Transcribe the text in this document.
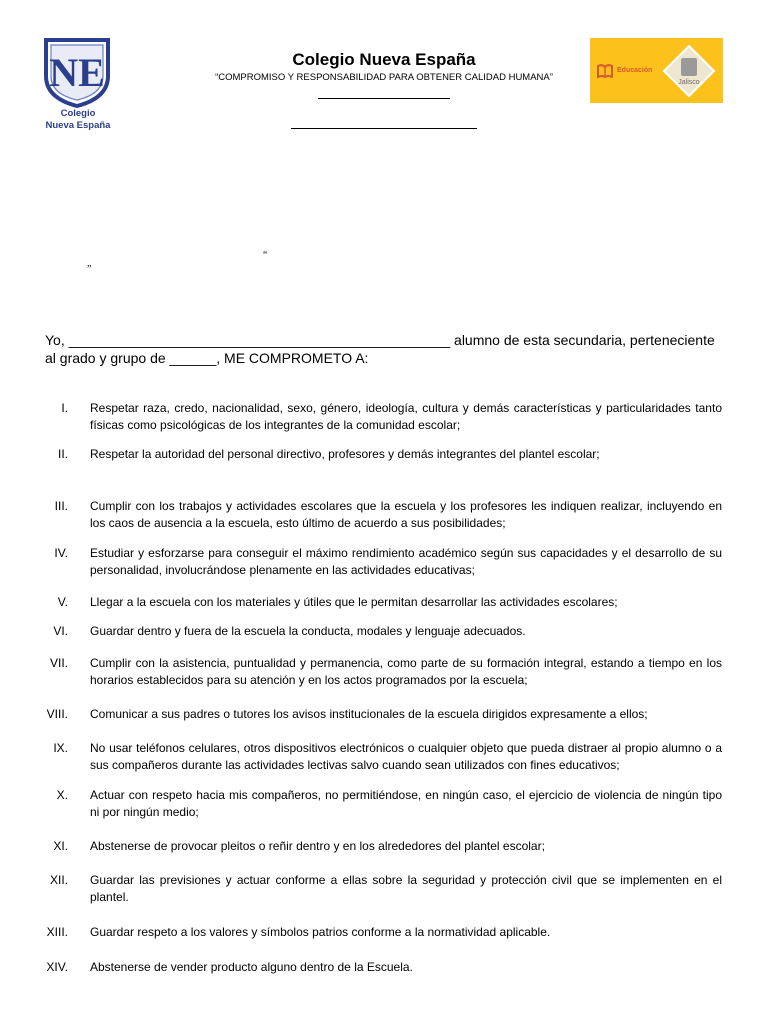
NE
Colegio
Nueva España
Colegio Nueva España
“COMPROMISO Y RESPONSABILIDAD PARA OBTENER CALIDAD HUMANA”
Educación
Jalisco
“
”
Yo, _________________________________________________ alumno de esta secundaria, perteneciente al grado y grupo de ______, ME COMPROMETO A:
I. Respetar raza, credo, nacionalidad, sexo, género, ideología, cultura y demás características y particularidades tanto físicas como psicológicas de los integrantes de la comunidad escolar;
II. Respetar la autoridad del personal directivo, profesores y demás integrantes del plantel escolar;
III. Cumplir con los trabajos y actividades escolares que la escuela y los profesores les indiquen realizar, incluyendo en los caos de ausencia a la escuela, esto último de acuerdo a sus posibilidades;
IV. Estudiar y esforzarse para conseguir el máximo rendimiento académico según sus capacidades y el desarrollo de su personalidad, involucrándose plenamente en las actividades educativas;
V. Llegar a la escuela con los materiales y útiles que le permitan desarrollar las actividades escolares;
VI. Guardar dentro y fuera de la escuela la conducta, modales y lenguaje adecuados.
VII. Cumplir con la asistencia, puntualidad y permanencia, como parte de su formación integral, estando a tiempo en los horarios establecidos para su atención y en los actos programados por la escuela;
VIII. Comunicar a sus padres o tutores los avisos institucionales de la escuela dirigidos expresamente a ellos;
IX. No usar teléfonos celulares, otros dispositivos electrónicos o cualquier objeto que pueda distraer al propio alumno o a sus compañeros durante las actividades lectivas salvo cuando sean utilizados con fines educativos;
X. Actuar con respeto hacia mis compañeros, no permitiéndose, en ningún caso, el ejercicio de violencia de ningún tipo ni por ningún medio;
XI. Abstenerse de provocar pleitos o reñir dentro y en los alrededores del plantel escolar;
XII. Guardar las previsiones y actuar conforme a ellas sobre la seguridad y protección civil que se implementen en el plantel.
XIII. Guardar respeto a los valores y símbolos patrios conforme a la normatividad aplicable.
XIV. Abstenerse de vender producto alguno dentro de la Escuela.
